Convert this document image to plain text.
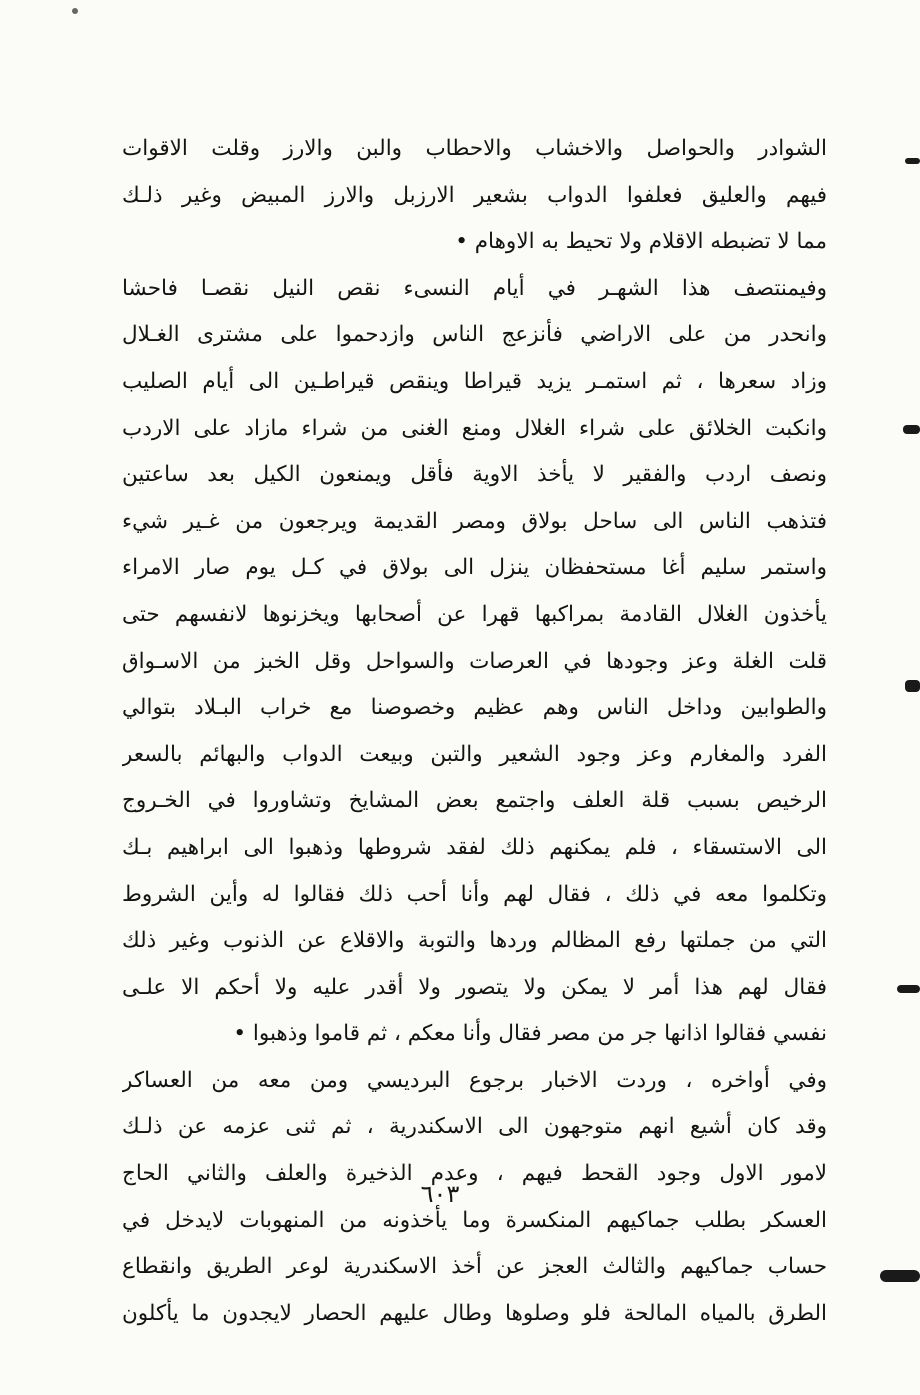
الشوادر والحواصل والاخشاب والاحطاب والبن والارز وقلت الاقوات
فيهم والعليق فعلفوا الدواب بشعير الارزبل والارز المبيض وغير ذلـك
مما لا تضبطه الاقلام ولا تحيط به الاوهام •
وفيمنتصف هذا الشهـر في أيام النسىء نقص النيل نقصـا فاحشا
وانحدر من على الاراضي فأنزعج الناس وازدحموا على مشترى الغـلال
وزاد سعرها ، ثم استمـر يزيد قيراطا وينقص قيراطـين الى أيام الصليب
وانكبت الخلائق على شراء الغلال ومنع الغنى من شراء مازاد على الاردب
ونصف اردب والفقير لا يأخذ الاوية فأقل ويمنعون الكيل بعد ساعتين
فتذهب الناس الى ساحل بولاق ومصر القديمة ويرجعون من غـير شيء
واستمر سليم أغا مستحفظان ينزل الى بولاق في كـل يوم صار الامراء
يأخذون الغلال القادمة بمراكبها قهرا عن أصحابها ويخزنوها لانفسهم حتى
قلت الغلة وعز وجودها في العرصات والسواحل وقل الخبز من الاسـواق
والطوابين وداخل الناس وهم عظيم وخصوصنا مع خراب البـلاد بتوالي
الفرد والمغارم وعز وجود الشعير والتبن وبيعت الدواب والبهائم بالسعر
الرخيص بسبب قلة العلف واجتمع بعض المشايخ وتشاوروا في الخـروج
الى الاستسقاء ، فلم يمكنهم ذلك لفقد شروطها وذهبوا الى ابراهيم بـك
وتكلموا معه في ذلك ، فقال لهم وأنا أحب ذلك فقالوا له وأين الشروط
التي من جملتها رفع المظالم وردها والتوبة والاقلاع عن الذنوب وغير ذلك
فقال لهم هذا أمر لا يمكن ولا يتصور ولا أقدر عليه ولا أحكم الا علـى
نفسي فقالوا اذانها جر من مصر فقال وأنا معكم ، ثم قاموا وذهبوا •
وفي أواخره ، وردت الاخبار برجوع البرديسي ومن معه من العساكر
وقد كان أشيع انهم متوجهون الى الاسكندرية ، ثم ثنى عزمه عن ذلـك
لامور الاول وجود القحط فيهم ، وعدم الذخيرة والعلف والثاني الحاج
العسكر بطلب جماكيهم المنكسرة وما يأخذونه من المنهوبات لايدخل في
حساب جماكيهم والثالث العجز عن أخذ الاسكندرية لوعر الطريق وانقطاع
الطرق بالمياه المالحة فلو وصلوها وطال عليهم الحصار لايجدون ما يأكلون
٦٠٣
